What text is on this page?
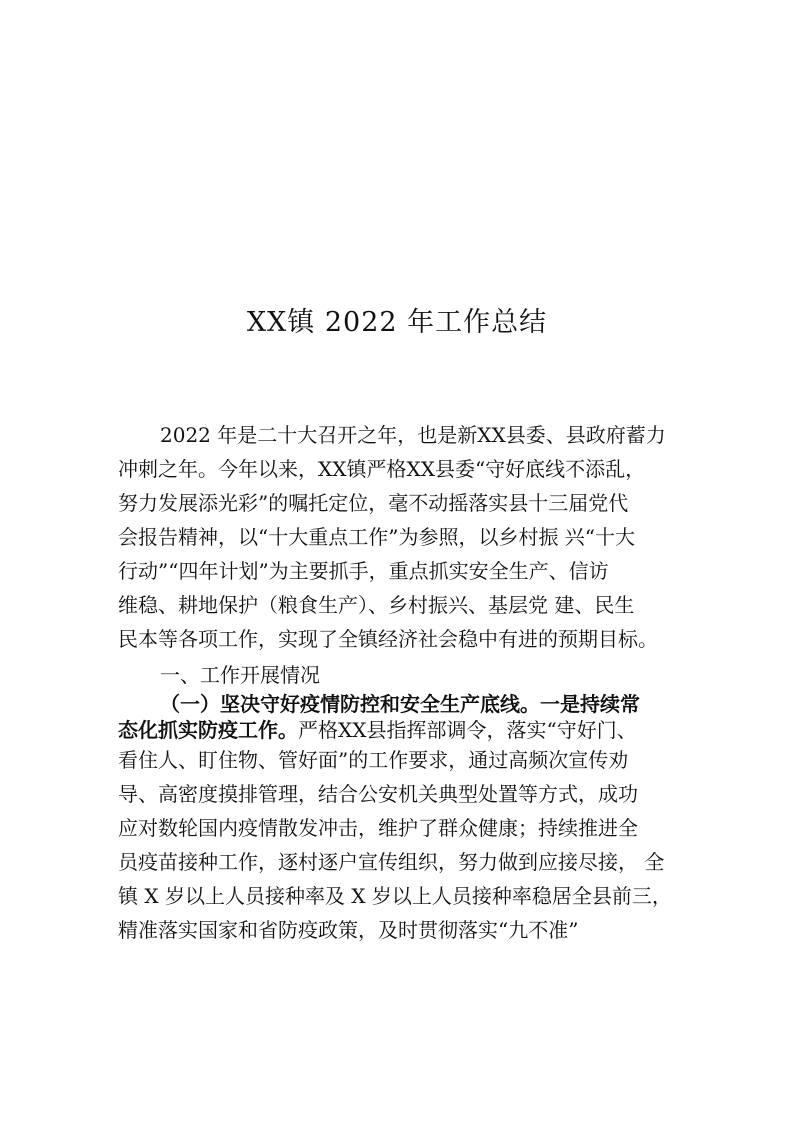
XX镇 2022 年工作总结
2022 年是二十大召开之年，也是新XX县委、县政府蓄力
冲刺之年。今年以来，XX镇严格XX县委“守好底线不添乱，
努力发展添光彩”的嘱托定位，毫不动摇落实县十三届党代
会报告精神，以“十大重点工作”为参照，以乡村振 兴“十大
行动”“四年计划”为主要抓手，重点抓实安全生产、信访
维稳、耕地保护（粮食生产）、乡村振兴、基层党 建、民生
民本等各项工作，实现了全镇经济社会稳中有进的预期目标。
一、工作开展情况
（一）坚决守好疫情防控和安全生产底线。一是持续常
态化抓实防疫工作。严格XX县指挥部调令，落实“守好门、
看住人、盯住物、管好面”的工作要求，通过高频次宣传劝
导、高密度摸排管理，结合公安机关典型处置等方式，成功
应对数轮国内疫情散发冲击，维护了群众健康；持续推进全
员疫苗接种工作，逐村逐户宣传组织，努力做到应接尽接， 全
镇 X 岁以上人员接种率及 X 岁以上人员接种率稳居全县前三，
精准落实国家和省防疫政策，及时贯彻落实“九不准”
